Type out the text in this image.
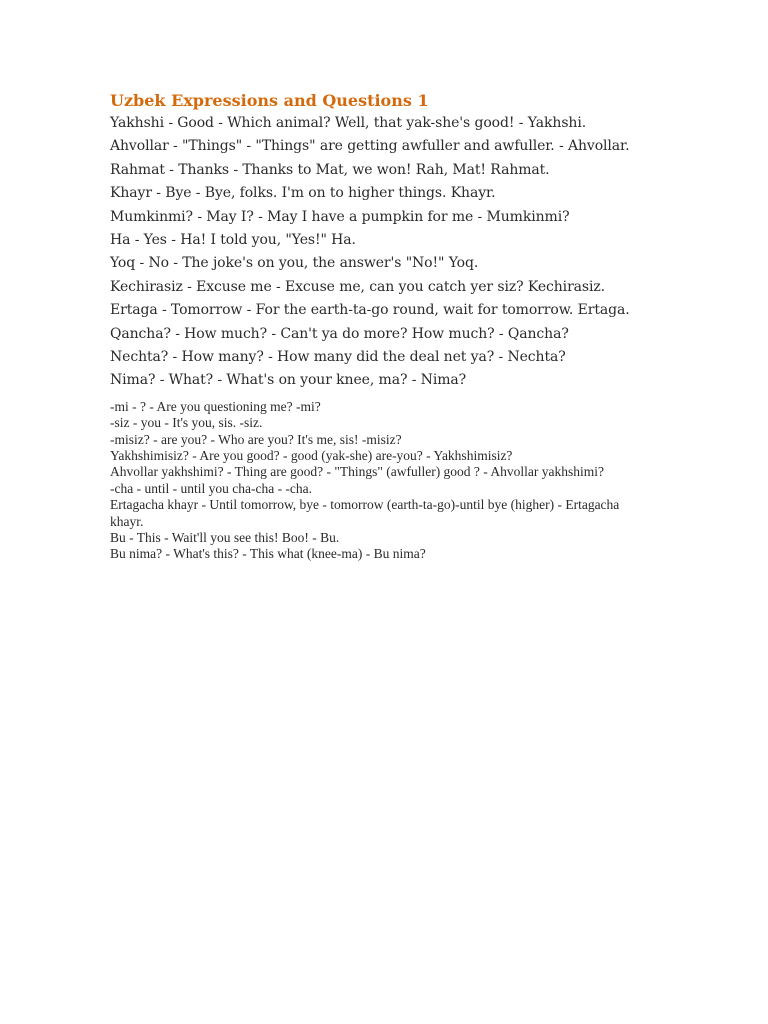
Uzbek Expressions and Questions 1
Yakhshi - Good - Which animal? Well, that yak-she's good! - Yakhshi.
Ahvollar - "Things" - "Things" are getting awfuller and awfuller. - Ahvollar.
Rahmat - Thanks - Thanks to Mat, we won! Rah, Mat! Rahmat.
Khayr - Bye - Bye, folks. I'm on to higher things. Khayr.
Mumkinmi? - May I? - May I have a pumpkin for me - Mumkinmi?
Ha - Yes - Ha! I told you, "Yes!" Ha.
Yoq - No - The joke's on you, the answer's "No!" Yoq.
Kechirasiz - Excuse me - Excuse me, can you catch yer siz? Kechirasiz.
Ertaga - Tomorrow - For the earth-ta-go round, wait for tomorrow. Ertaga.
Qancha? - How much? - Can't ya do more? How much? - Qancha?
Nechta? - How many? - How many did the deal net ya? - Nechta?
Nima? - What? - What's on your knee, ma? - Nima?
-mi - ? - Are you questioning me? -mi?
-siz - you - It's you, sis. -siz.
-misiz? - are you? - Who are you? It's me, sis! -misiz?
Yakhshimisiz? - Are you good? - good (yak-she) are-you? - Yakhshimisiz?
Ahvollar yakhshimi? - Thing are good? - "Things" (awfuller) good ? - Ahvollar yakhshimi?
-cha - until - until you cha-cha - -cha.
Ertagacha khayr - Until tomorrow, bye - tomorrow (earth-ta-go)-until bye (higher) - Ertagacha khayr.
Bu - This - Wait'll you see this! Boo! - Bu.
Bu nima? - What's this? - This what (knee-ma) - Bu nima?
